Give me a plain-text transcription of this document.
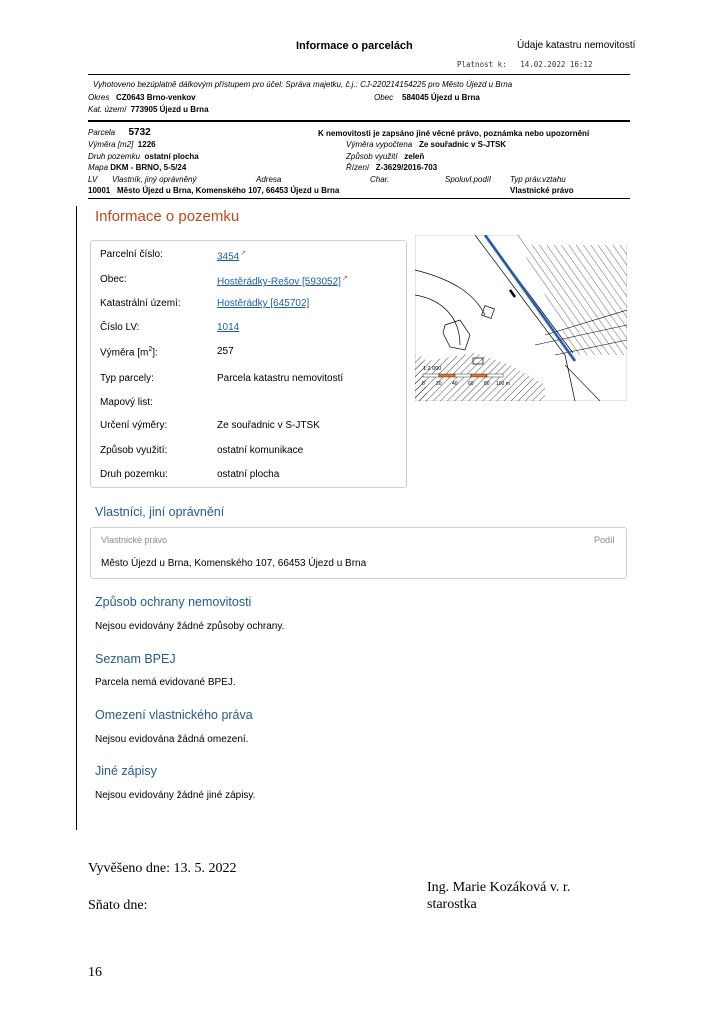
Informace o parcelách	Údaje katastru nemovitostí
Platnost k: 14.02.2022 16:12
Vyhotoveno bezúplatně dálkovým přístupem pro účel: Správa majetku, č.j.: CJ-220214154225 pro Město Újezd u Brna
Okres CZ0643 Brno-venkov	Obec 584045 Újezd u Brna
Kat. území 773905 Újezd u Brna
Parcela 5732	K nemovitosti je zapsáno jiné věcné právo, poznámka nebo upozornění
Výměra [m2] 1226	Výměra vypočtena Ze souřadnic v S-JTSK
Druh pozemku ostatní plocha	Způsob využití zeleň
Mapa DKM - BRNO, 5-5/24	Řízení Z-3629/2016-703
LV Vlastník, jiný oprávněný	Adresa	Char.	Spoluvl.podíl Typ práv.vztahu
10001 Město Újezd u Brna, Komenského 107, 66453 Újezd u Brna	Vlastnické právo
Informace o pozemku
Parcelní číslo:	3454↗
Obec:	Hostěrádky-Rešov [593052]↗
Katastrální území:	Hostěrádky [645702]
Číslo LV:	1014
Výměra $[m^2]$:	257
Typ parcely:	Parcela katastru nemovitostí
Mapový list:
Určení výměry:	Ze souřadnic v S-JTSK
Způsob využití:	ostatní komunikace
Druh pozemku:	ostatní plocha
1:2 000
0 20 40 60 80 100 m
Vlastníci, jiní oprávnění
Vlastnické právo	Podíl
Město Újezd u Brna, Komenského 107, 66453 Újezd u Brna
Způsob ochrany nemovitosti
Nejsou evidovány žádné způsoby ochrany.
Seznam BPEJ
Parcela nemá evidované BPEJ.
Omezení vlastnického práva
Nejsou evidována žádná omezení.
Jiné zápisy
Nejsou evidovány žádné jiné zápisy.
Vyvěšeno dne: 13. 5. 2022
Ing. Marie Kozáková v. r.
Sňato dne:	starostka
16
